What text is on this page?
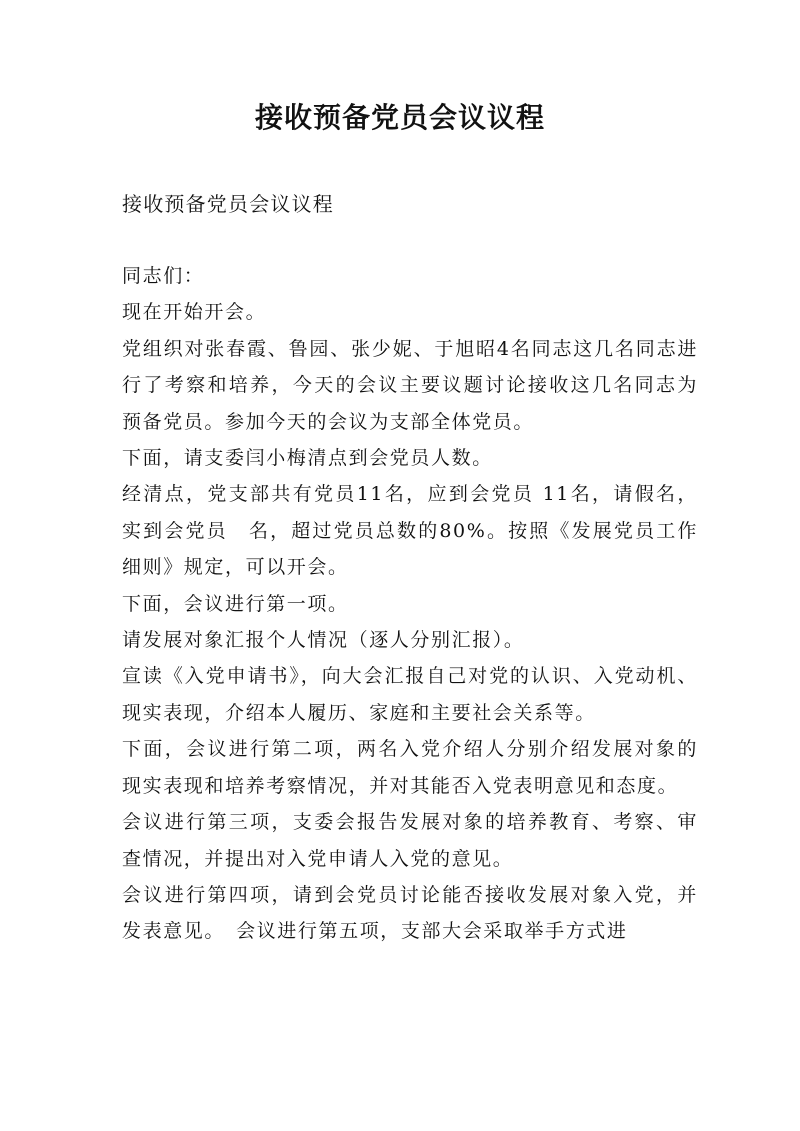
接收预备党员会议议程

接收预备党员会议议程

同志们：

现在开始开会。

党组织对张春霞、鲁园、张少妮、于旭昭4名同志这几名同志进行了考察和培养，今天的会议主要议题讨论接收这几名同志为预备党员。参加今天的会议为支部全体党员。

下面，请支委闫小梅清点到会党员人数。

经清点，党支部共有党员11名，应到会党员 11名，请假名，实到会党员　名，超过党员总数的80%。按照《发展党员工作细则》规定，可以开会。

下面，会议进行第一项。

请发展对象汇报个人情况（逐人分别汇报）。

宣读《入党申请书》，向大会汇报自己对党的认识、入党动机、现实表现，介绍本人履历、家庭和主要社会关系等。

下面，会议进行第二项，两名入党介绍人分别介绍发展对象的现实表现和培养考察情况，并对其能否入党表明意见和态度。

会议进行第三项，支委会报告发展对象的培养教育、考察、审查情况，并提出对入党申请人入党的意见。

会议进行第四项，请到会党员讨论能否接收发展对象入党，并发表意见。　会议进行第五项，支部大会采取举手方式进
